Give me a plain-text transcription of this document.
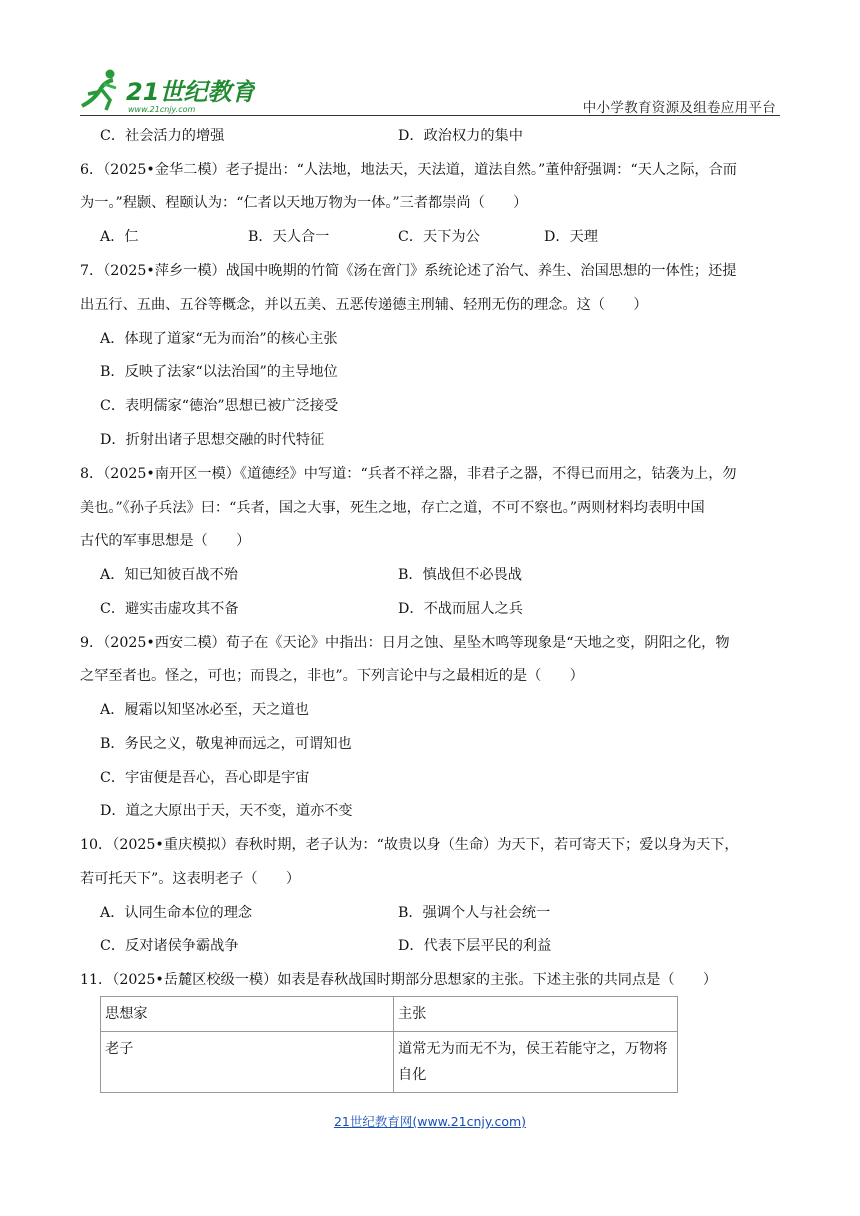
21世纪教育
www.21cnjy.com	中小学教育资源及组卷应用平台
C．社会活力的增强	D．政治权力的集中
6．（2025•金华二模）老子提出：“人法地，地法天，天法道，道法自然。”董仲舒强调：“天人之际，合而
为一。”程颢、程颐认为：“仁者以天地万物为一体。”三者都崇尚（　　）
A．仁	B．天人合一	C．天下为公	D．天理
7．（2025•萍乡一模）战国中晚期的竹简《汤在啻门》系统论述了治气、养生、治国思想的一体性；还提
出五行、五曲、五谷等概念，并以五美、五恶传递德主刑辅、轻刑无伤的理念。这（　　）
A．体现了道家“无为而治”的核心主张
B．反映了法家“以法治国”的主导地位
C．表明儒家“德治”思想已被广泛接受
D．折射出诸子思想交融的时代特征
8．（2025•南开区一模）《道德经》中写道：“兵者不祥之器，非君子之器，不得已而用之，钴袭为上，勿
美也。”《孙子兵法》曰：“兵者，国之大事，死生之地，存亡之道，不可不察也。”两则材料均表明中国
古代的军事思想是（　　）
A．知已知彼百战不殆	B．慎战但不必畏战
C．避实击虚攻其不备	D．不战而屈人之兵
9．（2025•西安二模）荀子在《天论》中指出：日月之蚀、星坠木鸣等现象是“天地之变，阴阳之化，物
之罕至者也。怪之，可也；而畏之，非也”。下列言论中与之最相近的是（　　）
A．履霜以知坚冰必至，天之道也
B．务民之义，敬鬼神而远之，可谓知也
C．宇宙便是吾心，吾心即是宇宙
D．道之大原出于天，天不变，道亦不变
10．（2025•重庆模拟）春秋时期，老子认为：“故贵以身（生命）为天下，若可寄天下；爱以身为天下，
若可托天下”。这表明老子（　　）
A．认同生命本位的理念	B．强调个人与社会统一
C．反对诸侯争霸战争	D．代表下层平民的利益
11．（2025•岳麓区校级一模）如表是春秋战国时期部分思想家的主张。下述主张的共同点是（　　）
思想家	主张
老子	道常无为而无不为，侯王若能守之，万物将
自化
21世纪教育网(www.21cnjy.com)
